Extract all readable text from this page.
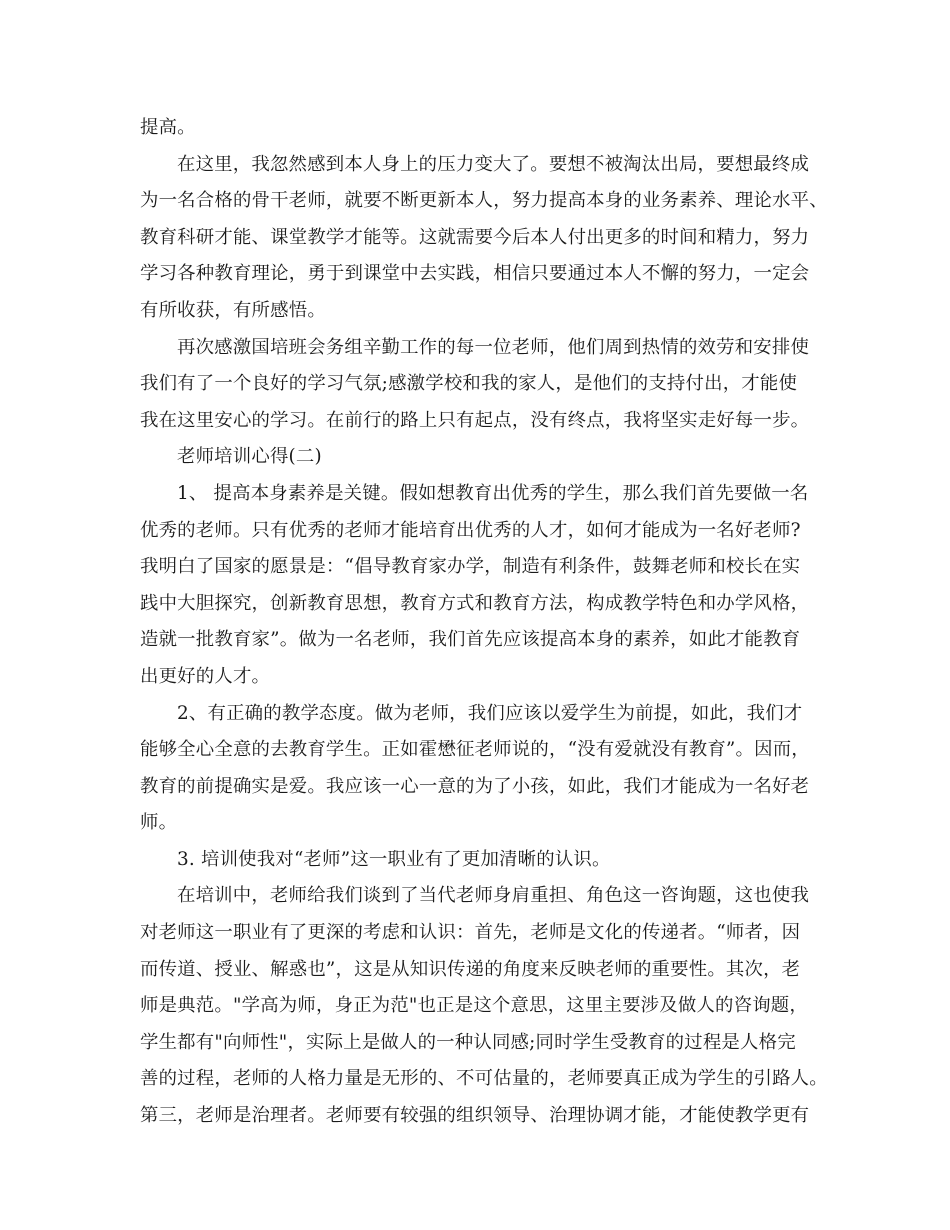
提高。
在这里，我忽然感到本人身上的压力变大了。要想不被淘汰出局，要想最终成
为一名合格的骨干老师，就要不断更新本人，努力提高本身的业务素养、理论水平、
教育科研才能、课堂教学才能等。这就需要今后本人付出更多的时间和精力，努力
学习各种教育理论，勇于到课堂中去实践，相信只要通过本人不懈的努力，一定会
有所收获，有所感悟。
再次感激国培班会务组辛勤工作的每一位老师，他们周到热情的效劳和安排使
我们有了一个良好的学习气氛;感激学校和我的家人，是他们的支持付出，才能使
我在这里安心的学习。在前行的路上只有起点，没有终点，我将坚实走好每一步。
老师培训心得(二)
1、 提高本身素养是关键。假如想教育出优秀的学生，那么我们首先要做一名
优秀的老师。只有优秀的老师才能培育出优秀的人才，如何才能成为一名好老师?
我明白了国家的愿景是：“倡导教育家办学，制造有利条件，鼓舞老师和校长在实
践中大胆探究，创新教育思想，教育方式和教育方法，构成教学特色和办学风格，
造就一批教育家”。做为一名老师，我们首先应该提高本身的素养，如此才能教育
出更好的人才。
2、有正确的教学态度。做为老师，我们应该以爱学生为前提，如此，我们才
能够全心全意的去教育学生。正如霍懋征老师说的，“没有爱就没有教育”。因而，
教育的前提确实是爱。我应该一心一意的为了小孩，如此，我们才能成为一名好老
师。
3. 培训使我对“老师”这一职业有了更加清晰的认识。
在培训中，老师给我们谈到了当代老师身肩重担、角色这一咨询题，这也使我
对老师这一职业有了更深的考虑和认识：首先，老师是文化的传递者。“师者，因
而传道、授业、解惑也”，这是从知识传递的角度来反映老师的重要性。其次，老
师是典范。"学高为师，身正为范"也正是这个意思，这里主要涉及做人的咨询题，
学生都有"向师性"，实际上是做人的一种认同感;同时学生受教育的过程是人格完
善的过程，老师的人格力量是无形的、不可估量的，老师要真正成为学生的引路人。
第三，老师是治理者。老师要有较强的组织领导、治理协调才能，才能使教学更有
